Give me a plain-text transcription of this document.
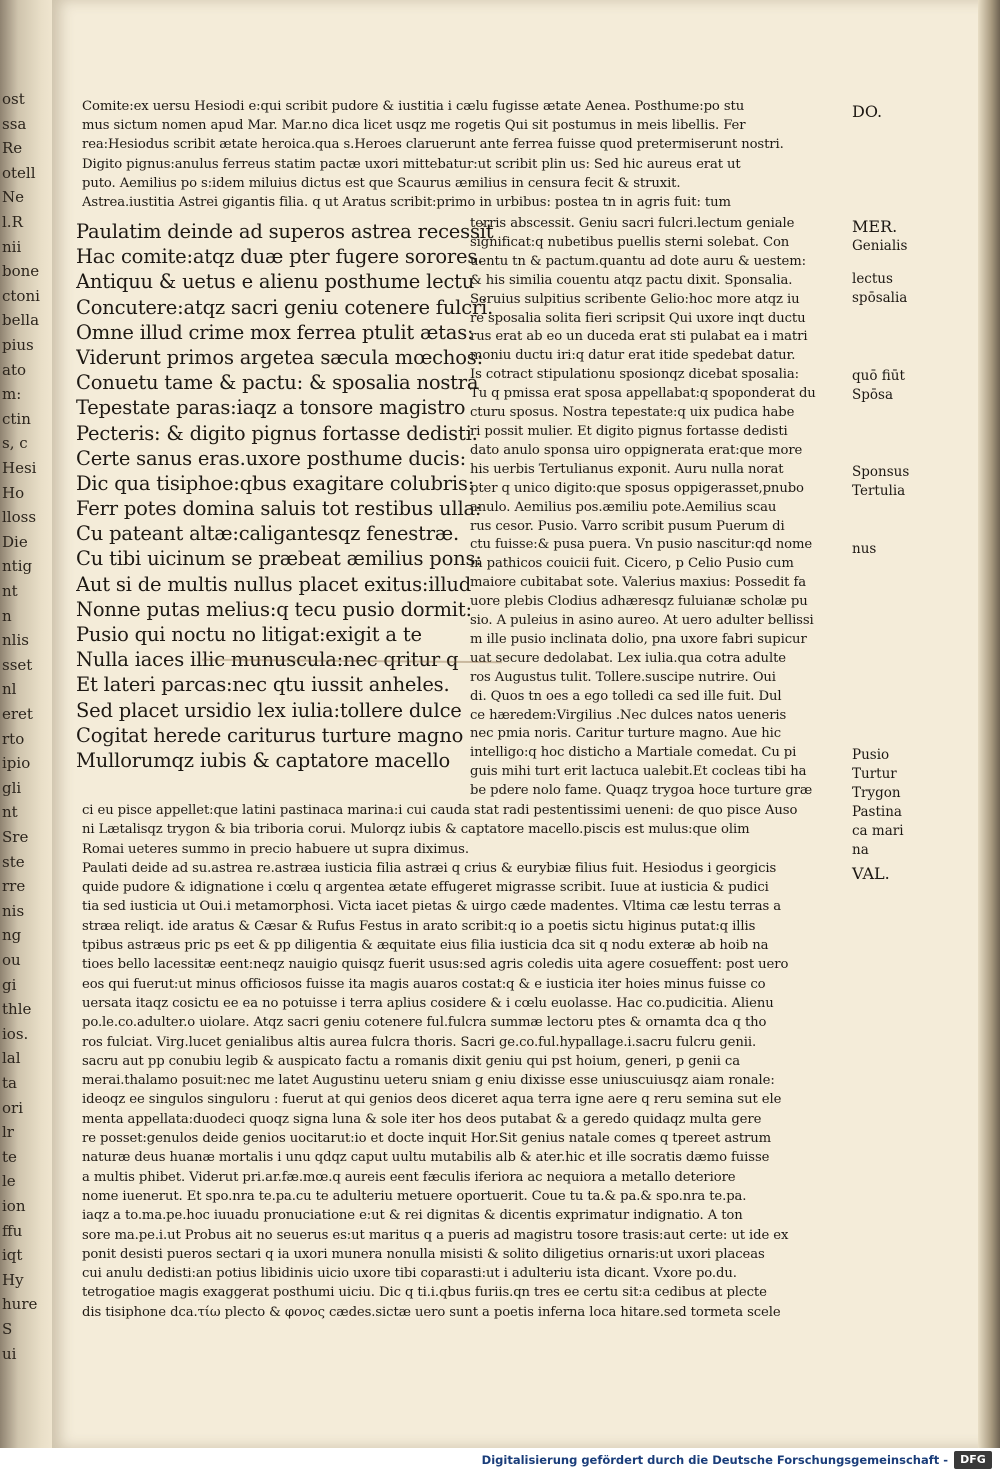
ost
ssa
Re
otell
Ne
l.R
nii
bone
ctoni
bella
pius
ato
m:
ctin
s, c
Hesi
Ho
lloss
Die
ntig
nt
n
nlis
sset
nl
eret
rto
ipio
gli
nt
Sre
ste
rre
nis
ng
ou
gi
thle
ios.
lal
ta
ori
lr
te
le
ion
ffu
iqt
Hy
hure
S
ui
Comite:ex uersu Hesiodi e:qui scribit pudore & iustitia i cælu fugisse ætate Aenea. Posthume:po stu
mus sictum nomen apud Mar. Mar.no dica licet usqz me rogetis Qui sit postumus in meis libellis. Fer
rea:Hesiodus scribit ætate heroica.qua s.Heroes claruerunt ante ferrea fuisse quod pretermiserunt nostri.
Digito pignus:anulus ferreus statim pactæ uxori mittebatur:ut scribit plin us: Sed hic aureus erat ut
puto. Aemilius po s:idem miluius dictus est que Scaurus æmilius in censura fecit & struxit.
Astrea.iustitia Astrei gigantis filia. q ut Aratus scribit:primo in urbibus: postea tn in agris fuit: tum
Paulatim deinde ad superos astrea recessit
Hac comite:atqz duæ pter fugere sorores.
Antiquu & uetus e alienu posthume lectu
Concutere:atqz sacri geniu cotenere fulcri.
Omne illud crime mox ferrea ptulit ætas:
Viderunt primos argetea sæcula mœchos:
Conuetu tame & pactu: & sposalia nostra
Tepestate paras:iaqz a tonsore magistro
Pecteris: & digito pignus fortasse dedisti.
Certe sanus eras.uxore posthume ducis:
Dic qua tisiphoe:qbus exagitare colubris:
Ferr potes domina saluis tot restibus ulla:
Cu pateant altæ:caligantesqz fenestræ.
Cu tibi uicinum se præbeat æmilius pons:
Aut si de multis nullus placet exitus:illud
Nonne putas melius:q tecu pusio dormit:
Pusio qui noctu no litigat:exigit a te
Nulla iaces illic munuscula:nec qritur q
Et lateri parcas:nec qtu iussit anheles.
Sed placet ursidio lex iulia:tollere dulce
Cogitat herede cariturus turture magno
Mullorumqz iubis & captatore macello
terris abscessit. Geniu sacri fulcri.lectum geniale
significat:q nubetibus puellis sterni solebat. Con
uentu tn & pactum.quantu ad dote auru & uestem:
& his similia couentu atqz pactu dixit. Sponsalia.
Seruius sulpitius scribente Gelio:hoc more atqz iu
re sposalia solita fieri scripsit Qui uxore inqt ductu
rus erat ab eo un duceda erat sti pulabat ea i matri
moniu ductu iri:q datur erat itide spedebat datur.
Is cotract stipulationu sposionqz dicebat sposalia:
Tu q pmissa erat sposa appellabat:q spoponderat du
cturu sposus. Nostra tepestate:q uix pudica habe
ri possit mulier. Et digito pignus fortasse dedisti
dato anulo sponsa uiro oppignerata erat:que more
his uerbis Tertulianus exponit. Auru nulla norat
pter q unico digito:que sposus oppigerasset,pnubo
anulo. Aemilius pos.æmiliu pote.Aemilius scau
rus cesor. Pusio. Varro scribit pusum Puerum di
ctu fuisse:& pusa puera. Vn pusio nascitur:qd nome
in pathicos couicii fuit. Cicero, p Celio Pusio cum
maiore cubitabat sote. Valerius maxius: Possedit fa
uore plebis Clodius adhæresqz fuluianæ scholæ pu
sio. A puleius in asino aureo. At uero adulter bellissi
m ille pusio inclinata dolio, pna uxore fabri supicur
uat secure dedolabat. Lex iulia.qua cotra adulte
ros Augustus tulit. Tollere.suscipe nutrire. Oui
di. Quos tn oes a ego tolledi ca sed ille fuit. Dul
ce hæredem:Virgilius .Nec dulces natos ueneris
nec pmia noris. Caritur turture magno. Aue hic
intelligo:q hoc disticho a Martiale comedat. Cu pi
guis mihi turt erit lactuca ualebit.Et cocleas tibi ha
be pdere nolo fame. Quaqz trygoa hoce turture græ
ci eu pisce appellet:que latini pastinaca marina:i cui cauda stat radi pestentissimi ueneni: de quo pisce Auso
ni Lætalisqz trygon & bia triboria corui. Mulorqz iubis & captatore macello.piscis est mulus:que olim
Romai ueteres summo in precio habuere ut supra diximus.
Paulati deide ad su.astrea re.astræa iusticia filia astræi q crius & eurybiæ filius fuit. Hesiodus i georgicis
quide pudore & idignatione i cœlu q argentea ætate effugeret migrasse scribit. Iuue at iusticia & pudici
tia sed iusticia ut Oui.i metamorphosi. Victa iacet pietas & uirgo cæde madentes. Vltima cæ lestu terras a
stræa reliqt. ide aratus & Cæsar & Rufus Festus in arato scribit:q io a poetis sictu higinus putat:q illis
tpibus astræus pric ps eet & pp diligentia & æquitate eius filia iusticia dca sit q nodu exteræ ab hoib na
tioes bello lacessitæ eent:neqz nauigio quisqz fuerit usus:sed agris coledis uita agere cosueffent: post uero
eos qui fuerut:ut minus officiosos fuisse ita magis auaros costat:q & e iusticia iter hoies minus fuisse co
uersata itaqz cosictu ee ea no potuisse i terra aplius cosidere & i cœlu euolasse. Hac co.pudicitia. Alienu
po.le.co.adulter.o uiolare. Atqz sacri geniu cotenere ful.fulcra summæ lectoru ptes & ornamta dca q tho
ros fulciat. Virg.lucet genialibus altis aurea fulcra thoris. Sacri ge.co.ful.hypallage.i.sacru fulcru genii.
sacru aut pp conubiu legib & auspicato factu a romanis dixit geniu qui pst hoium, generi, p genii ca
merai.thalamo posuit:nec me latet Augustinu ueteru sniam g eniu dixisse esse uniuscuiusqz aiam ronale:
ideoqz ee singulos singuloru : fuerut at qui genios deos diceret aqua terra igne aere q reru semina sut ele
menta appellata:duodeci quoqz signa luna & sole iter hos deos putabat & a geredo quidaqz multa gere
re posset:genulos deide genios uocitarut:io et docte inquit Hor.Sit genius natale comes q tpereet astrum
naturæ deus huanæ mortalis i unu qdqz caput uultu mutabilis alb & ater.hic et ille socratis dæmo fuisse
a multis phibet. Viderut pri.ar.fæ.mœ.q aureis eent fæculis iferiora ac nequiora a metallo deteriore
nome iuenerut. Et spo.nra te.pa.cu te adulteriu metuere oportuerit. Coue tu ta.& pa.& spo.nra te.pa.
iaqz a to.ma.pe.hoc iuuadu pronuciatione e:ut & rei dignitas & dicentis exprimatur indignatio. A ton
sore ma.pe.i.ut Probus ait no seuerus es:ut maritus q a pueris ad magistru tosore trasis:aut certe: ut ide ex
ponit desisti pueros sectari q ia uxori munera nonulla misisti & solito diligetius ornaris:ut uxori placeas
cui anulu dedisti:an potius libidinis uicio uxore tibi coparasti:ut i adulteriu ista dicant. Vxore po.du.
tetrogatioe magis exaggerat posthumi uiciu. Dic q ti.i.qbus furiis.qn tres ee certu sit:a cedibus at plecte
dis tisiphone dca.τίω plecto & φονος cædes.sictæ uero sunt a poetis inferna loca hitare.sed tormeta scele
DO.
MER.
Genialis
lectus
spōsalia
quō fiūt
Spōsa
Sponsus
Tertulia
nus
Pusio
Turtur
Trygon
Pastina
ca mari
na
VAL.
Digitalisierung gefördert durch die Deutsche Forschungsgemeinschaft -	DFG
